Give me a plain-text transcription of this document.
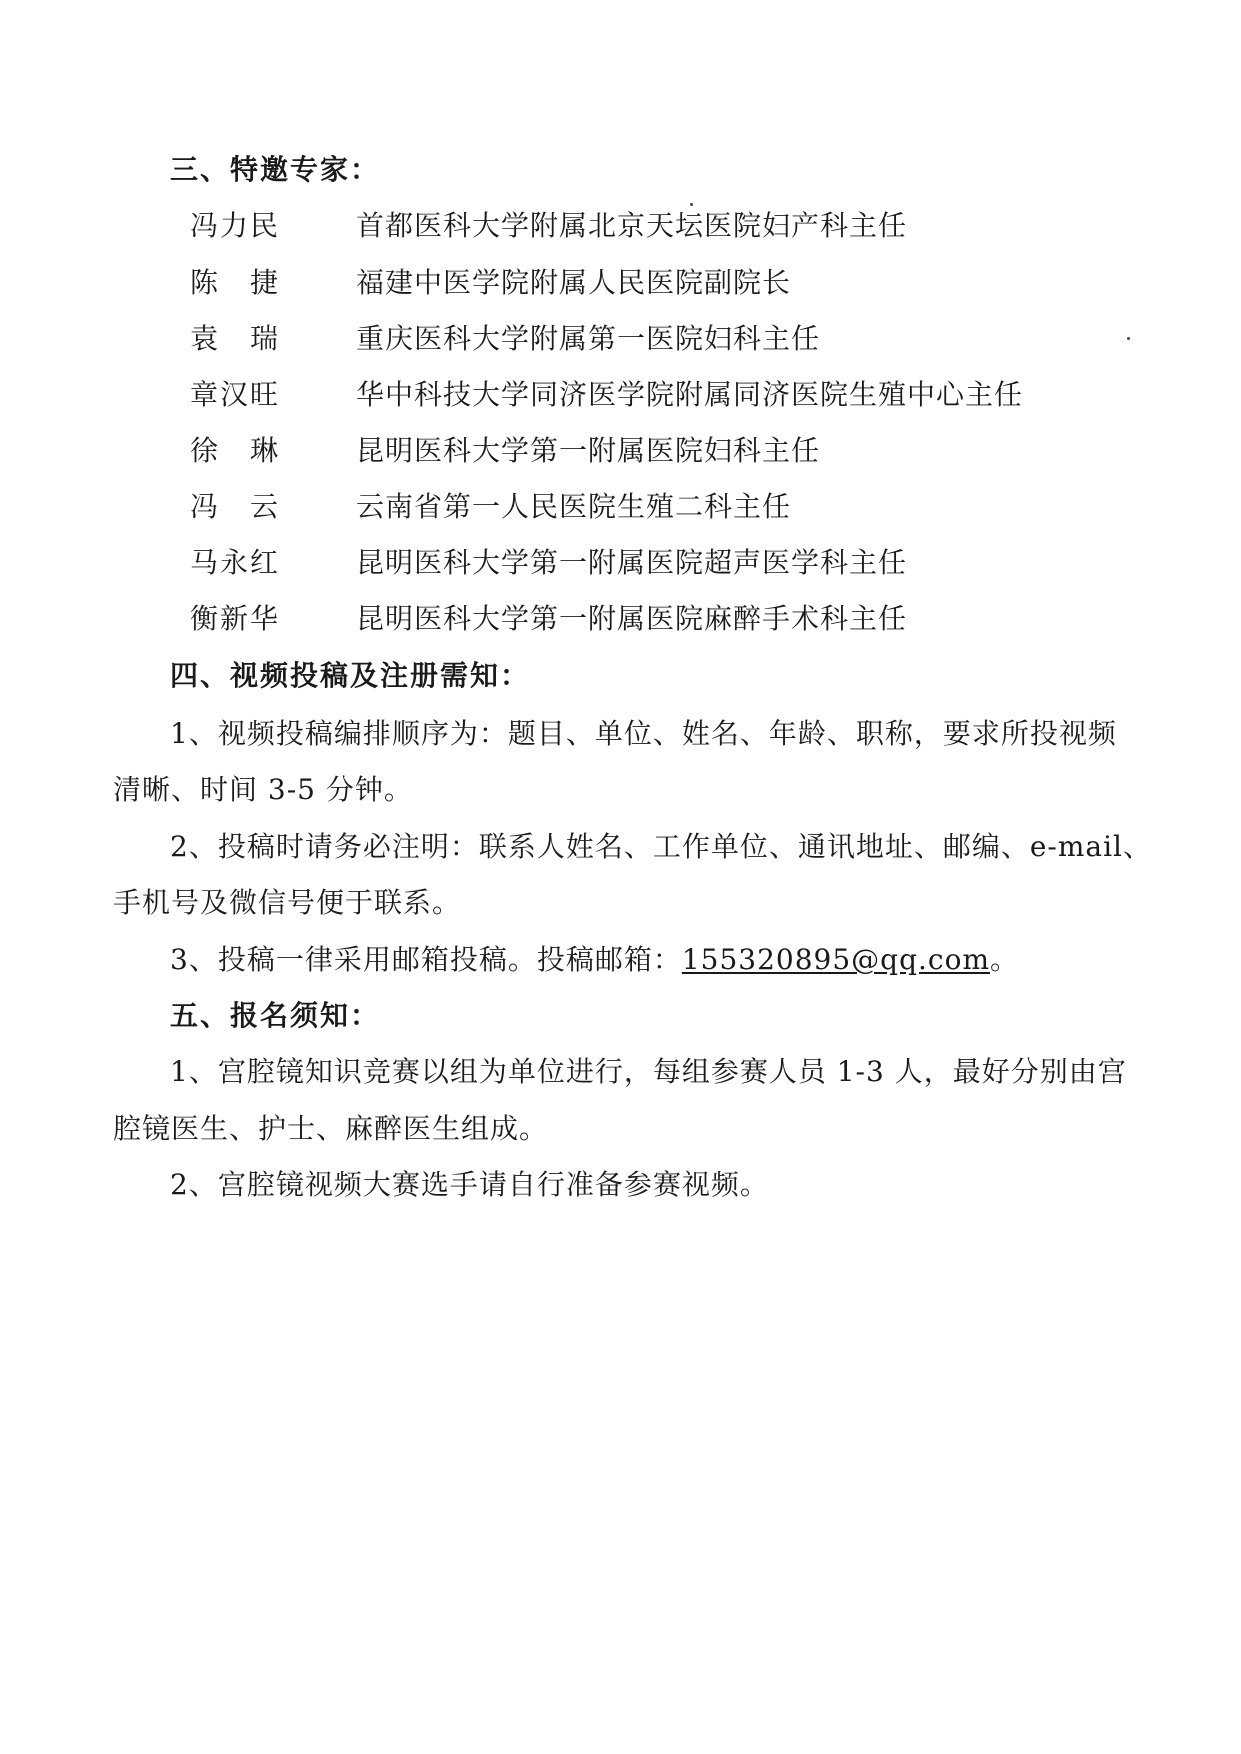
三、特邀专家：
冯力民	首都医科大学附属北京天坛医院妇产科主任
陈　捷	福建中医学院附属人民医院副院长
袁　瑞	重庆医科大学附属第一医院妇科主任
章汉旺	华中科技大学同济医学院附属同济医院生殖中心主任
徐　琳	昆明医科大学第一附属医院妇科主任
冯　云	云南省第一人民医院生殖二科主任
马永红	昆明医科大学第一附属医院超声医学科主任
衡新华	昆明医科大学第一附属医院麻醉手术科主任
四、视频投稿及注册需知：
1、视频投稿编排顺序为：题目、单位、姓名、年龄、职称，要求所投视频
清晰、时间 3-5 分钟。
2、投稿时请务必注明：联系人姓名、工作单位、通讯地址、邮编、e-mail、
手机号及微信号便于联系。
3、投稿一律采用邮箱投稿。投稿邮箱：155320895@qq.com。
五、报名须知：
1、宫腔镜知识竞赛以组为单位进行，每组参赛人员 1-3 人，最好分别由宫
腔镜医生、护士、麻醉医生组成。
2、宫腔镜视频大赛选手请自行准备参赛视频。
